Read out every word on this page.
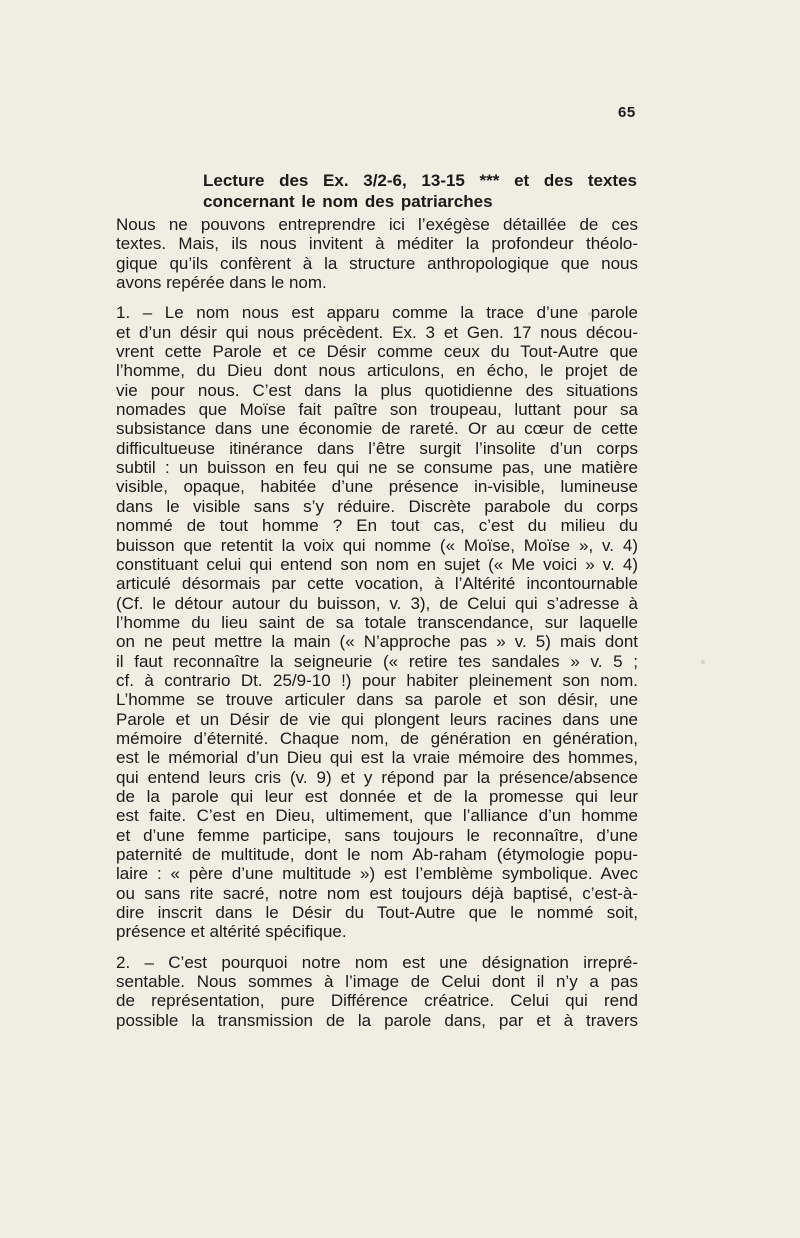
65
Lecture des Ex. 3/2-6, 13-15 *** et des textes
concernant le nom des patriarches
Nous ne pouvons entreprendre ici l’exégèse détaillée de ces
textes. Mais, ils nous invitent à méditer la profondeur théolo-
gique qu’ils confèrent à la structure anthropologique que nous
avons repérée dans le nom.
1. – Le nom nous est apparu comme la trace d’une parole
et d’un désir qui nous précèdent. Ex. 3 et Gen. 17 nous décou-
vrent cette Parole et ce Désir comme ceux du Tout-Autre que
l’homme, du Dieu dont nous articulons, en écho, le projet de
vie pour nous. C’est dans la plus quotidienne des situations
nomades que Moïse fait paître son troupeau, luttant pour sa
subsistance dans une économie de rareté. Or au cœur de cette
difficultueuse itinérance dans l’être surgit l’insolite d’un corps
subtil : un buisson en feu qui ne se consume pas, une matière
visible, opaque, habitée d’une présence in-visible, lumineuse
dans le visible sans s’y réduire. Discrète parabole du corps
nommé de tout homme ? En tout cas, c’est du milieu du
buisson que retentit la voix qui nomme (« Moïse, Moïse », v. 4)
constituant celui qui entend son nom en sujet (« Me voici » v. 4)
articulé désormais par cette vocation, à l’Altérité incontournable
(Cf. le détour autour du buisson, v. 3), de Celui qui s’adresse à
l’homme du lieu saint de sa totale transcendance, sur laquelle
on ne peut mettre la main (« N’approche pas » v. 5) mais dont
il faut reconnaître la seigneurie (« retire tes sandales » v. 5 ;
cf. à contrario Dt. 25/9-10 !) pour habiter pleinement son nom.
L’homme se trouve articuler dans sa parole et son désir, une
Parole et un Désir de vie qui plongent leurs racines dans une
mémoire d’éternité. Chaque nom, de génération en génération,
est le mémorial d’un Dieu qui est la vraie mémoire des hommes,
qui entend leurs cris (v. 9) et y répond par la présence/absence
de la parole qui leur est donnée et de la promesse qui leur
est faite. C’est en Dieu, ultimement, que l’alliance d’un homme
et d’une femme participe, sans toujours le reconnaître, d’une
paternité de multitude, dont le nom Ab-raham (étymologie popu-
laire : « père d’une multitude ») est l’emblème symbolique. Avec
ou sans rite sacré, notre nom est toujours déjà baptisé, c’est-à-
dire inscrit dans le Désir du Tout-Autre que le nommé soit,
présence et altérité spécifique.
2. – C’est pourquoi notre nom est une désignation irrepré-
sentable. Nous sommes à l’image de Celui dont il n’y a pas
de représentation, pure Différence créatrice. Celui qui rend
possible la transmission de la parole dans, par et à travers
